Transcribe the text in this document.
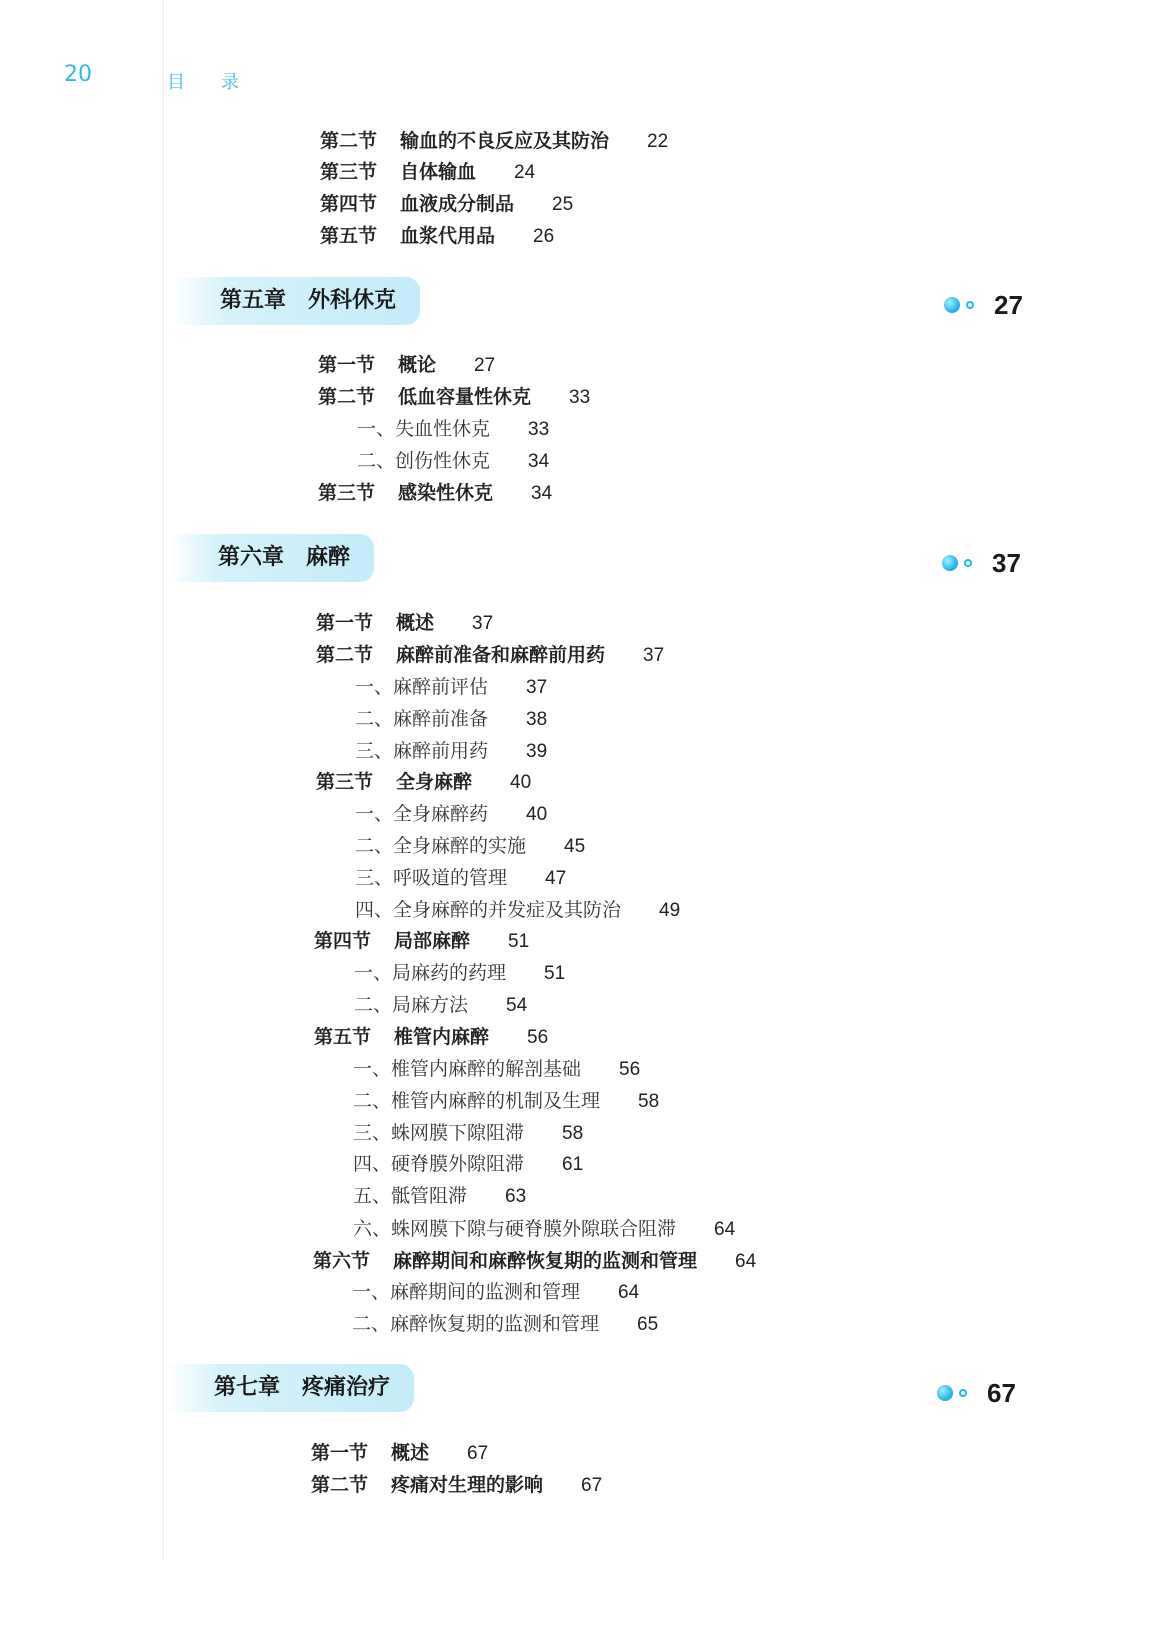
20	目 录
第二节 输血的不良反应及其防治 22
第三节 自体输血 24
第四节 血液成分制品 25
第五节 血浆代用品 26
第五章 外科休克	27
第一节 概论 27
第二节 低血容量性休克 33
一、失血性休克 33
二、创伤性休克 34
第三节 感染性休克 34
第六章 麻醉	37
第一节 概述 37
第二节 麻醉前准备和麻醉前用药 37
一、麻醉前评估 37
二、麻醉前准备 38
三、麻醉前用药 39
第三节 全身麻醉 40
一、全身麻醉药 40
二、全身麻醉的实施 45
三、呼吸道的管理 47
四、全身麻醉的并发症及其防治 49
第四节 局部麻醉 51
一、局麻药的药理 51
二、局麻方法 54
第五节 椎管内麻醉 56
一、椎管内麻醉的解剖基础 56
二、椎管内麻醉的机制及生理 58
三、蛛网膜下隙阻滞 58
四、硬脊膜外隙阻滞 61
五、骶管阻滞 63
六、蛛网膜下隙与硬脊膜外隙联合阻滞 64
第六节 麻醉期间和麻醉恢复期的监测和管理 64
一、麻醉期间的监测和管理 64
二、麻醉恢复期的监测和管理 65
第七章 疼痛治疗	67
第一节 概述 67
第二节 疼痛对生理的影响 67
